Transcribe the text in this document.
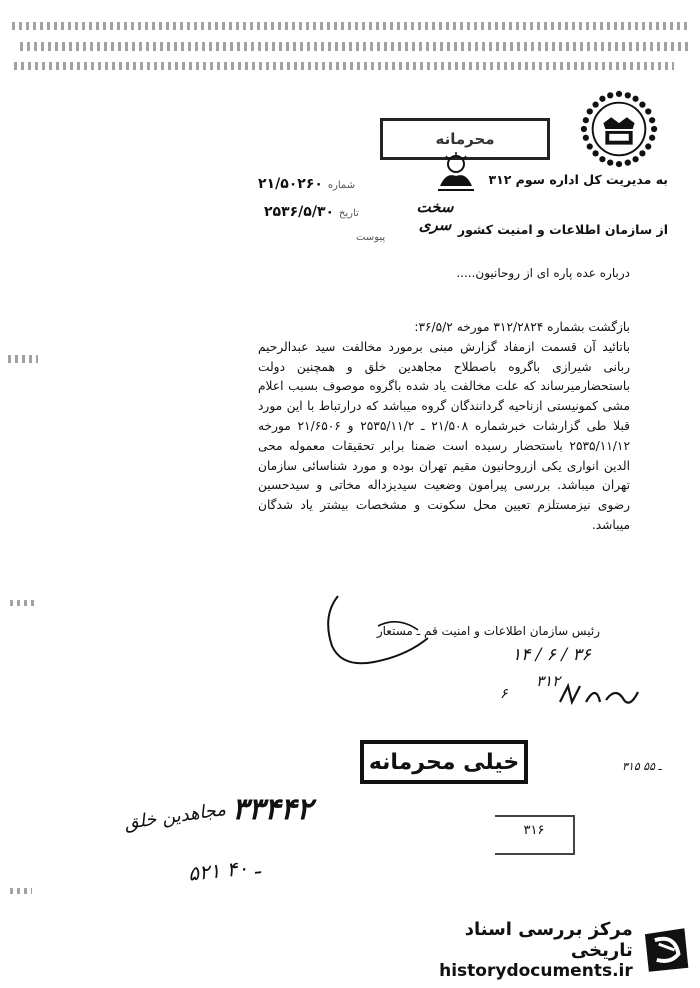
محرمانه
به مدیریت کل اداره سوم ۳۱۲
سخت سری از سازمان اطلاعات و امنیت کشور
۲۱/۵۰۲۶۰ شماره
۲۵۳۶/۵/۳۰ تاریخ
پیوست
درباره عده پاره ای از روحانیون.....

بازگشت بشماره ۳۱۲/۲۸۲۴ مورخه ۳۶/۵/۲:

باتائید آن قسمت ازمفاد گزارش مبنی برمورد مخالفت سید عبدالرحیم ربانی شیرازی باگروه باصطلاح مجاهدین خلق و همچنین دولت باستحضارمیرساند که علت مخالفت یاد شده باگروه موصوف بسبب اعلام مشی کمونیستی ازناحیه گردانندگان گروه میباشد که درارتباط با این مورد قبلا طی گزارشات خبرشماره ۲۱/۵۰۸ ـ ۲۵۳۵/۱۱/۲ و ۲۱/۶۵۰۶ مورخه ۲۵۳۵/۱۱/۱۲ باستحضار رسیده است ضمنا برابر تحقیقات معموله محی الدین انواری یکی ازروحانیون مقیم تهران بوده و مورد شناسائی سازمان تهران میباشد. بررسی پیرامون وضعیت سیدیزداله مخاتی و سیدحسین رضوی نیزمستلزم تعیین محل سکونت و مشخصات بیشتر یاد شدگان میباشد.

رئیس سازمان اطلاعات و امنیت قم ـ مستعار
۱۴ / ۶ / ۳۶
۳۱۲
۶
۳۱۵ ـ ۵۵
خیلی محرمانه
۳۱۶
۳۳۴۴۲
مجاهدین خلق
۵۲۱ ـ ۴۰
مرکز بررسی اسناد تاریخی
historydocuments.ir
